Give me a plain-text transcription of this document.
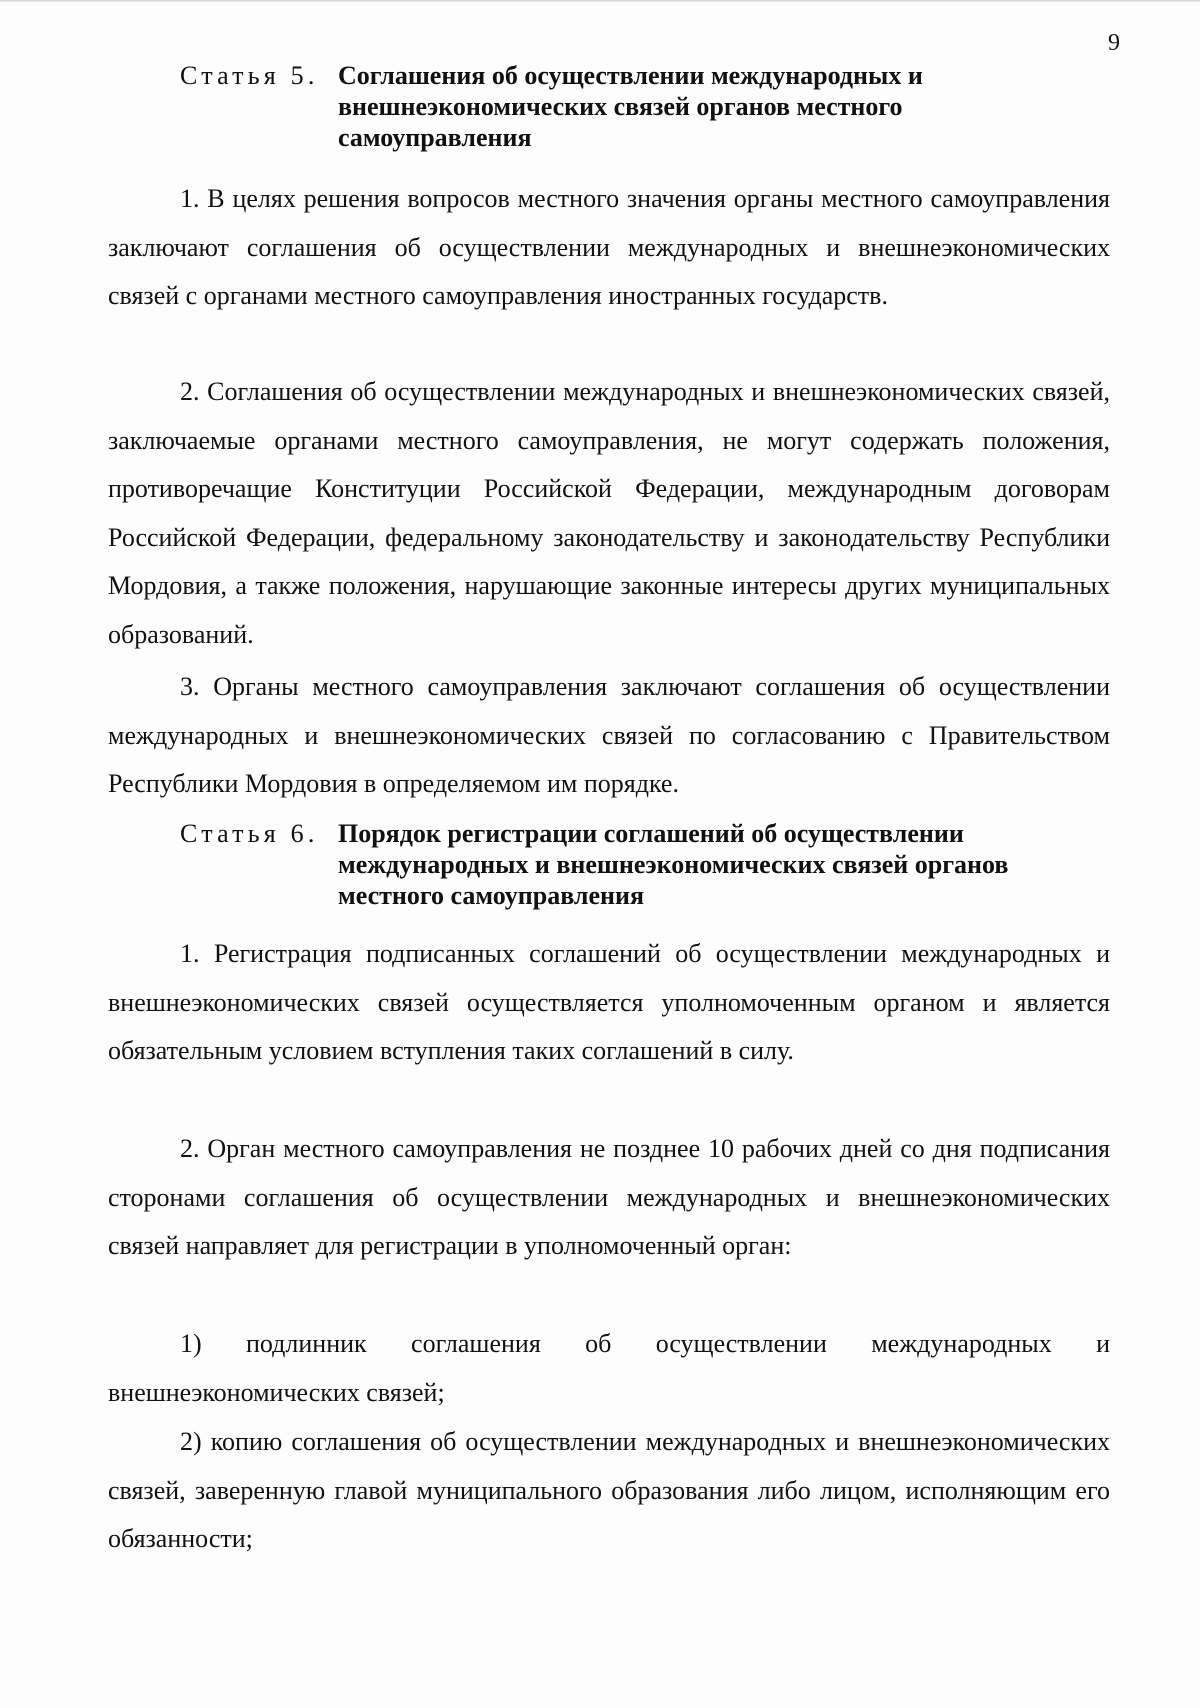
9
Статья 5. Соглашения об осуществлении международных и внешнеэкономических связей органов местного самоуправления

1. В целях решения вопросов местного значения органы местного самоуправления заключают соглашения об осуществлении международных и внешнеэкономических связей с органами местного самоуправления иностранных государств.

2. Соглашения об осуществлении международных и внешнеэкономических связей, заключаемые органами местного самоуправления, не могут содержать положения, противоречащие Конституции Российской Федерации, международным договорам Российской Федерации, федеральному законодательству и законодательству Республики Мордовия, а также положения, нарушающие законные интересы других муниципальных образований.

3. Органы местного самоуправления заключают соглашения об осуществлении международных и внешнеэкономических связей по согласованию с Правительством Республики Мордовия в определяемом им порядке.

Статья 6. Порядок регистрации соглашений об осуществлении международных и внешнеэкономических связей органов местного самоуправления

1. Регистрация подписанных соглашений об осуществлении международных и внешнеэкономических связей осуществляется уполномоченным органом и является обязательным условием вступления таких соглашений в силу.

2. Орган местного самоуправления не позднее 10 рабочих дней со дня подписания сторонами соглашения об осуществлении международных и внешнеэкономических связей направляет для регистрации в уполномоченный орган:

1) подлинник соглашения об осуществлении международных и внешнеэкономических связей;

2) копию соглашения об осуществлении международных и внешнеэкономических связей, заверенную главой муниципального образования либо лицом, исполняющим его обязанности;
